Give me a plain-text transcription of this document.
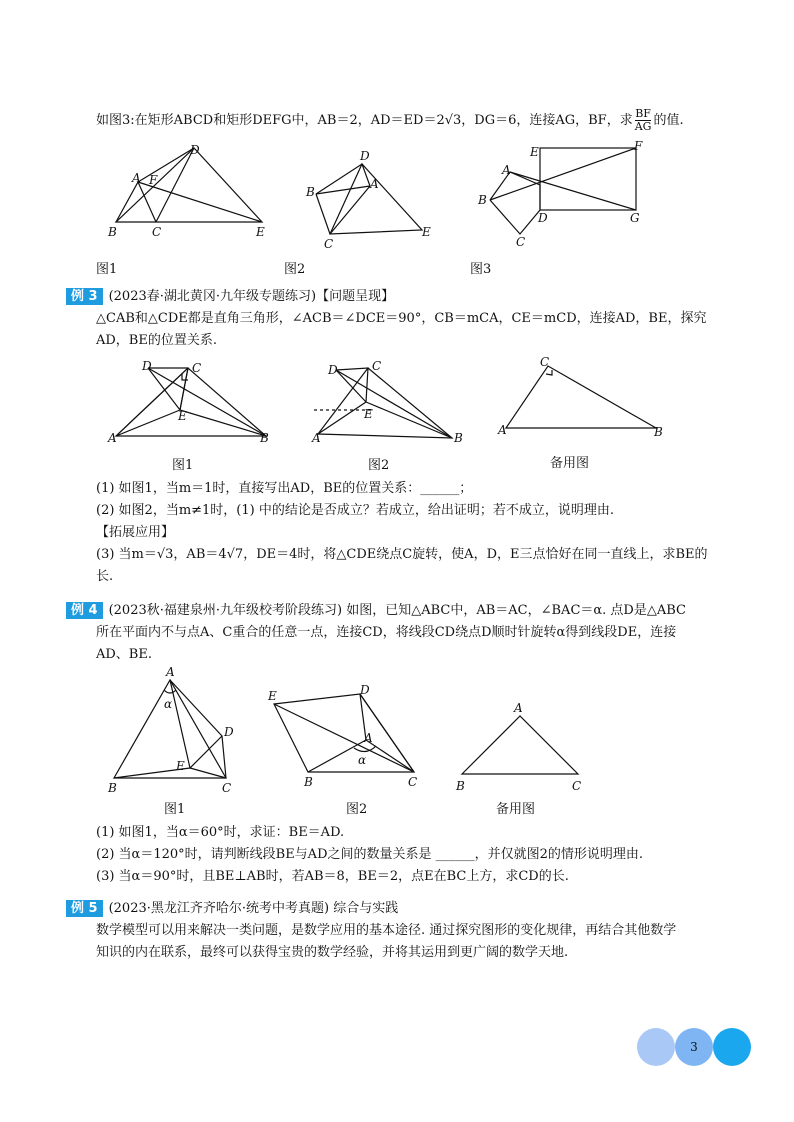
如图3:在矩形ABCD和矩形DEFG中，AB＝2，AD＝ED＝2√3，DG＝6，连接AG，BF，求 $\frac{BF}{AG}$ 的值.
B	C	E
D
A F
D
B
A
C
E
E	F
A
B
D	G
C
图1	图2	图3
例 3 (2023春·湖北黄冈·九年级专题练习)【问题呈现】
△CAB和△CDE都是直角三角形，∠ACB＝∠DCE＝90°，CB＝mCA，CE＝mCD，连接AD，BE，探究
AD，BE的位置关系.
A
D	C
E
B	A
D	C
E
B
A
C
B
图1	图2	备用图
(1) 如图1，当m＝1时，直接写出AD，BE的位置关系：______；
(2) 如图2，当m≠1时，(1) 中的结论是否成立？若成立，给出证明；若不成立，说明理由.
【拓展应用】
(3) 当m＝√3，AB＝4√7，DE＝4时，将△CDE绕点C旋转，使A，D，E三点恰好在同一直线上，求BE的
长.
例 4 (2023秋·福建泉州·九年级校考阶段练习) 如图，已知△ABC中，AB＝AC，∠BAC＝α. 点D是△ABC
所在平面内不与点A、C重合的任意一点，连接CD，将线段CD绕点D顺时针旋转α得到线段DE，连接
AD、BE.
A
α
D
E
B	C
E	D
A
α
B	C
A
B	C
图1	图2	备用图
(1) 如图1，当α＝60°时，求证：BE＝AD.
(2) 当α＝120°时，请判断线段BE与AD之间的数量关系是 ______，并仅就图2的情形说明理由.
(3) 当α＝90°时，且BE⊥AB时，若AB＝8，BE＝2，点E在BC上方，求CD的长.
例 5 (2023·黑龙江齐齐哈尔·统考中考真题) 综合与实践
数学模型可以用来解决一类问题，是数学应用的基本途径. 通过探究图形的变化规律，再结合其他数学
知识的内在联系，最终可以获得宝贵的数学经验，并将其运用到更广阔的数学天地.
3
